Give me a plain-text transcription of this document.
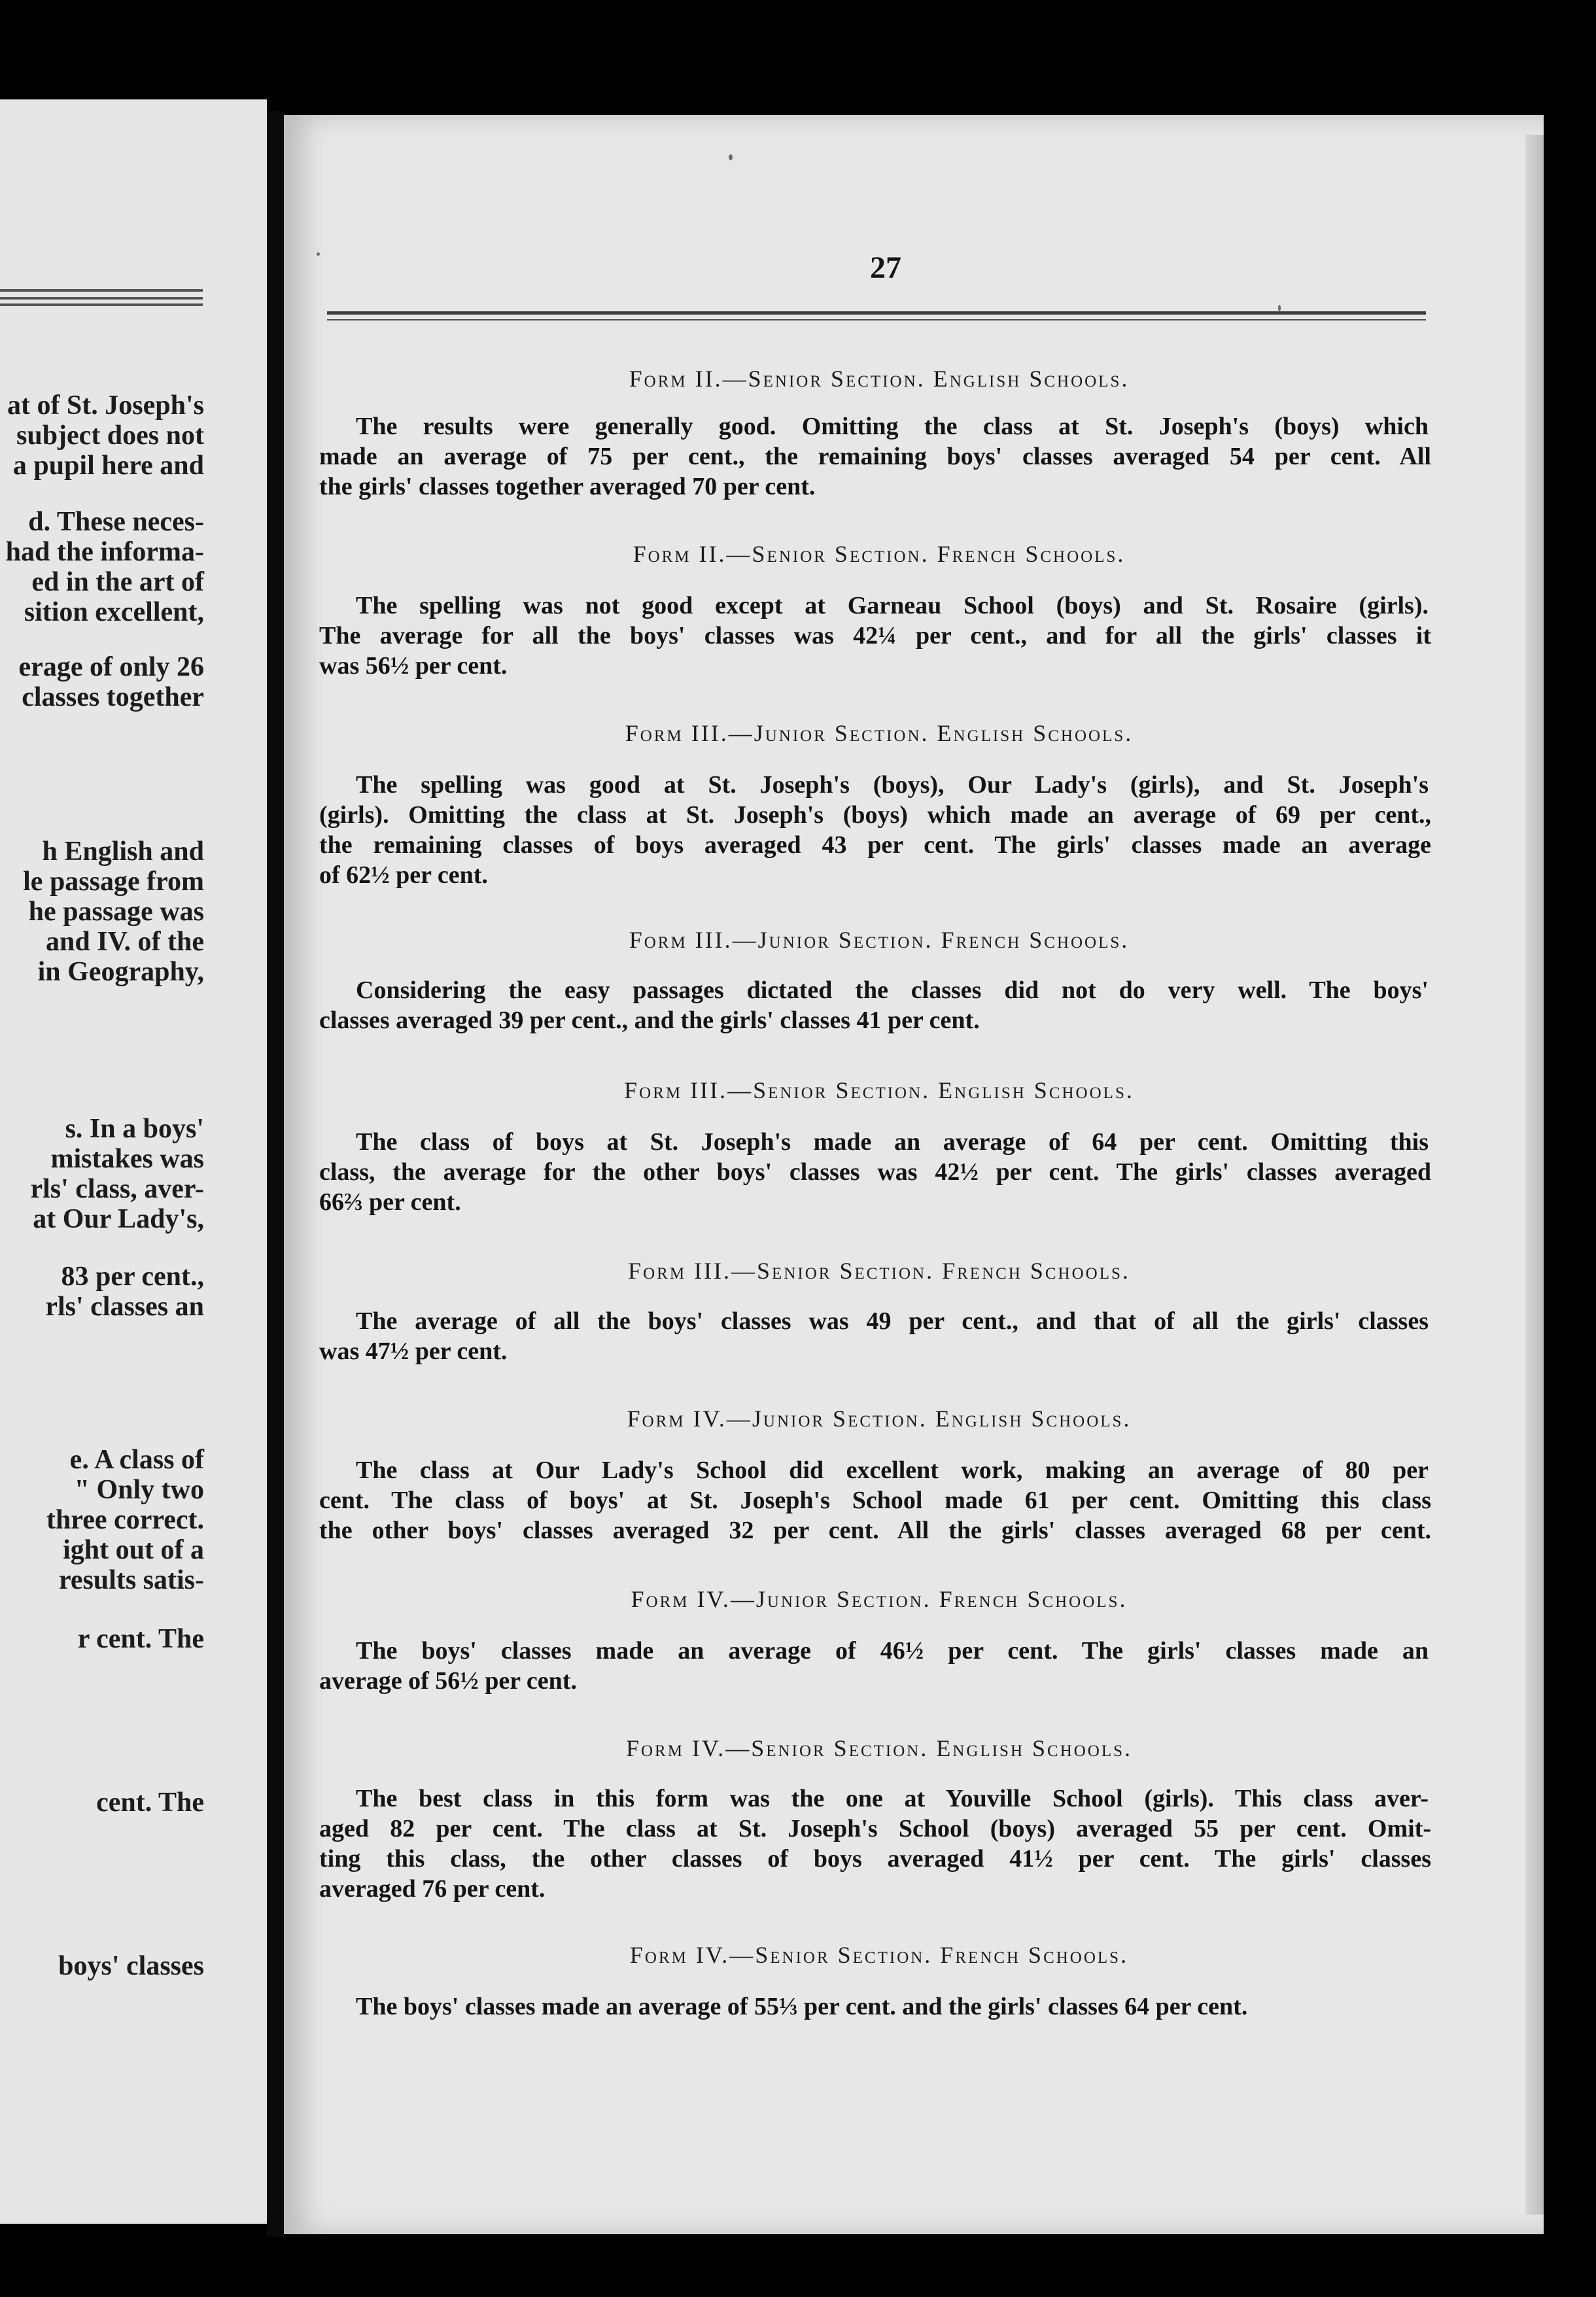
at of St. Joseph's
subject does not
a pupil here and
d. These neces-
had the informa-
ed in the art of
sition excellent,
erage of only 26
classes together
h English and
le passage from
he passage was
and IV. of the
in Geography,
s. In a boys'
mistakes was
rls' class, aver-
at Our Lady's,
83 per cent.,
rls' classes an
e. A class of
" Only two
three correct.
ight out of a
results satis-
r cent. The
cent. The
boys' classes
27
Form II.—Senior Section. English Schools.
The results were generally good. Omitting the class at St. Joseph's (boys) which
made an average of 75 per cent., the remaining boys' classes averaged 54 per cent. All
the girls' classes together averaged 70 per cent.
Form II.—Senior Section. French Schools.
The spelling was not good except at Garneau School (boys) and St. Rosaire (girls).
The average for all the boys' classes was 42¼ per cent., and for all the girls' classes it
was 56½ per cent.
Form III.—Junior Section. English Schools.
The spelling was good at St. Joseph's (boys), Our Lady's (girls), and St. Joseph's
(girls). Omitting the class at St. Joseph's (boys) which made an average of 69 per cent.,
the remaining classes of boys averaged 43 per cent. The girls' classes made an average
of 62½ per cent.
Form III.—Junior Section. French Schools.
Considering the easy passages dictated the classes did not do very well. The boys'
classes averaged 39 per cent., and the girls' classes 41 per cent.
Form III.—Senior Section. English Schools.
The class of boys at St. Joseph's made an average of 64 per cent. Omitting this
class, the average for the other boys' classes was 42½ per cent. The girls' classes averaged
66⅔ per cent.
Form III.—Senior Section. French Schools.
The average of all the boys' classes was 49 per cent., and that of all the girls' classes
was 47½ per cent.
Form IV.—Junior Section. English Schools.
The class at Our Lady's School did excellent work, making an average of 80 per
cent. The class of boys' at St. Joseph's School made 61 per cent. Omitting this class
the other boys' classes averaged 32 per cent. All the girls' classes averaged 68 per cent.
Form IV.—Junior Section. French Schools.
The boys' classes made an average of 46½ per cent. The girls' classes made an
average of 56½ per cent.
Form IV.—Senior Section. English Schools.
The best class in this form was the one at Youville School (girls). This class aver-
aged 82 per cent. The class at St. Joseph's School (boys) averaged 55 per cent. Omit-
ting this class, the other classes of boys averaged 41½ per cent. The girls' classes
averaged 76 per cent.
Form IV.—Senior Section. French Schools.
The boys' classes made an average of 55⅓ per cent. and the girls' classes 64 per cent.
